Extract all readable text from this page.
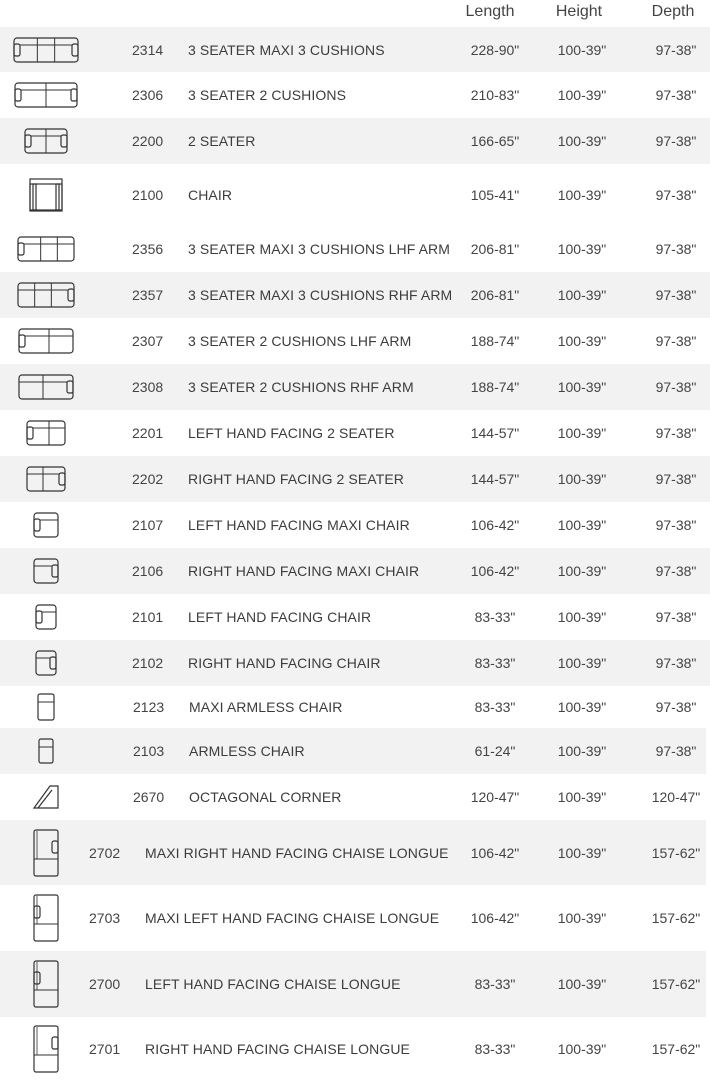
Length	Height	Depth
2314 3 SEATER MAXI 3 CUSHIONS	228-90"	100-39"	97-38"
2306 3 SEATER 2 CUSHIONS	210-83"	100-39"	97-38"
2200 2 SEATER	166-65"	100-39"	97-38"
2100 CHAIR	105-41"	100-39"	97-38"
2356 3 SEATER MAXI 3 CUSHIONS LHF ARM	206-81"	100-39"	97-38"
2357 3 SEATER MAXI 3 CUSHIONS RHF ARM	206-81"	100-39"	97-38"
2307 3 SEATER 2 CUSHIONS LHF ARM	188-74"	100-39"	97-38"
2308 3 SEATER 2 CUSHIONS RHF ARM	188-74"	100-39"	97-38"
2201 LEFT HAND FACING 2 SEATER	144-57"	100-39"	97-38"
2202 RIGHT HAND FACING 2 SEATER	144-57"	100-39"	97-38"
2107 LEFT HAND FACING MAXI CHAIR	106-42"	100-39"	97-38"
2106 RIGHT HAND FACING MAXI CHAIR	106-42"	100-39"	97-38"
2101 LEFT HAND FACING CHAIR	83-33"	100-39"	97-38"
2102 RIGHT HAND FACING CHAIR	83-33"	100-39"	97-38"
2123 MAXI ARMLESS CHAIR	83-33"	100-39"	97-38"
2103 ARMLESS CHAIR	61-24"	100-39"	97-38"
2670 OCTAGONAL CORNER	120-47"	100-39"	120-47"
2702 MAXI RIGHT HAND FACING CHAISE LONGUE	106-42"	100-39"	157-62"
2703 MAXI LEFT HAND FACING CHAISE LONGUE	106-42"	100-39"	157-62"
2700 LEFT HAND FACING CHAISE LONGUE	83-33"	100-39"	157-62"
2701 RIGHT HAND FACING CHAISE LONGUE	83-33"	100-39"	157-62"
